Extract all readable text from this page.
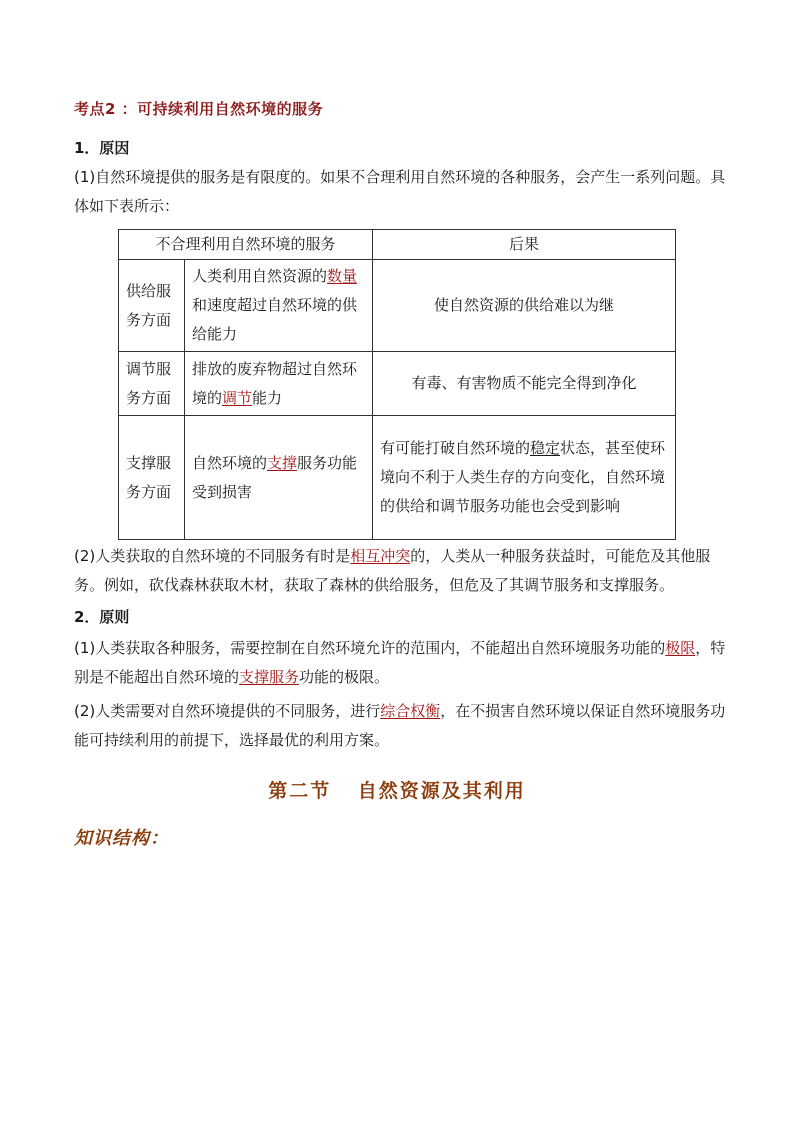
考点2 ：可持续利用自然环境的服务
1．原因
(1)自然环境提供的服务是有限度的。如果不合理利用自然环境的各种服务，会产生一系列问题。具体如下表所示：
不合理利用自然环境的服务		后果
供给服务方面	人类利用自然资源的数量和速度超过自然环境的供给能力	使自然资源的供给难以为继
调节服务方面	排放的废弃物超过自然环境的调节能力	有毒、有害物质不能完全得到净化
支撑服务方面	自然环境的支撑服务功能受到损害	有可能打破自然环境的稳定状态，甚至使环境向不利于人类生存的方向变化，自然环境的供给和调节服务功能也会受到影响
(2)人类获取的自然环境的不同服务有时是相互冲突的，人类从一种服务获益时，可能危及其他服务。例如，砍伐森林获取木材，获取了森林的供给服务，但危及了其调节服务和支撑服务。
2．原则
(1)人类获取各种服务，需要控制在自然环境允许的范围内，不能超出自然环境服务功能的极限，特别是不能超出自然环境的支撑服务功能的极限。
(2)人类需要对自然环境提供的不同服务，进行综合权衡，在不损害自然环境以保证自然环境服务功能可持续利用的前提下，选择最优的利用方案。
第二节 自然资源及其利用
知识结构：
